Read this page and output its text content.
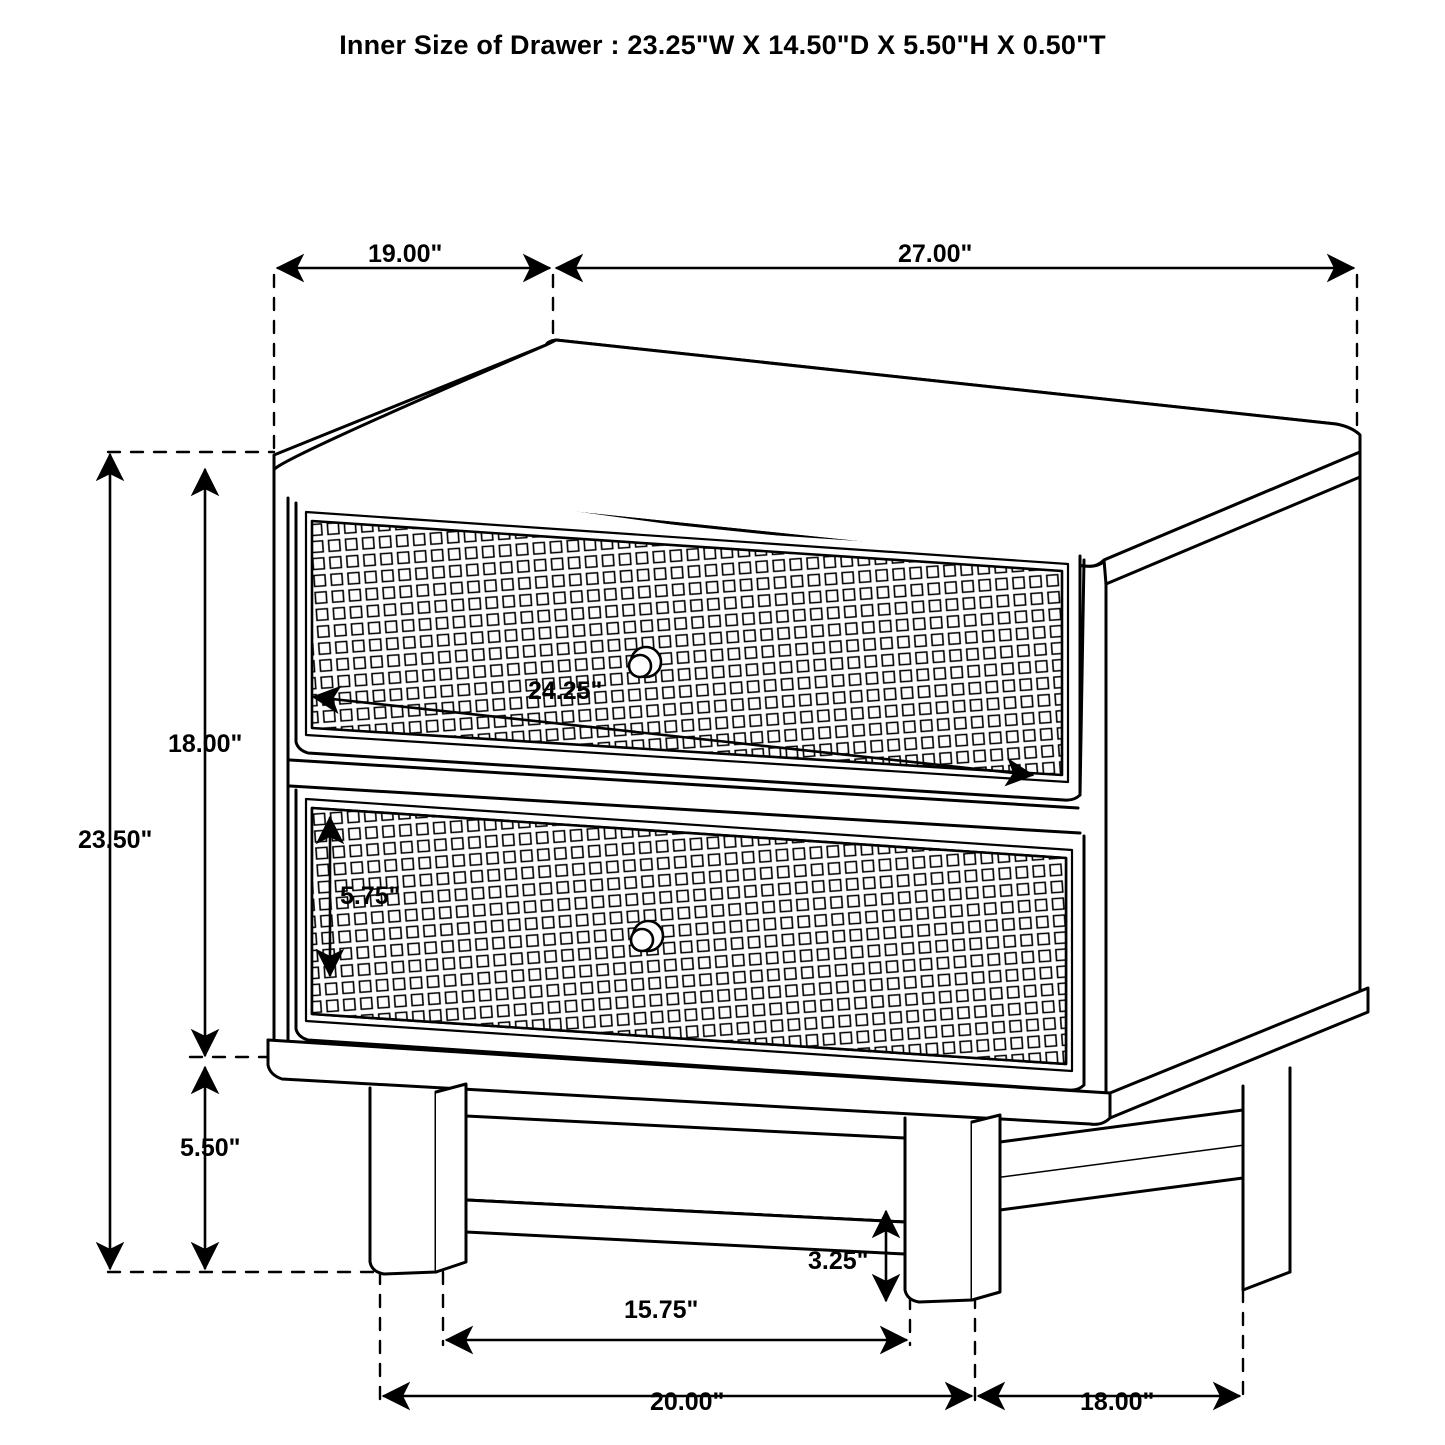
Inner Size of Drawer : 23.25"W X 14.50"D X 5.50"H X 0.50"T
19.00"	27.00"
18.00"
23.50"
5.50"
24.25"
5.75"
3.25"
15.75"
20.00"	18.00"
